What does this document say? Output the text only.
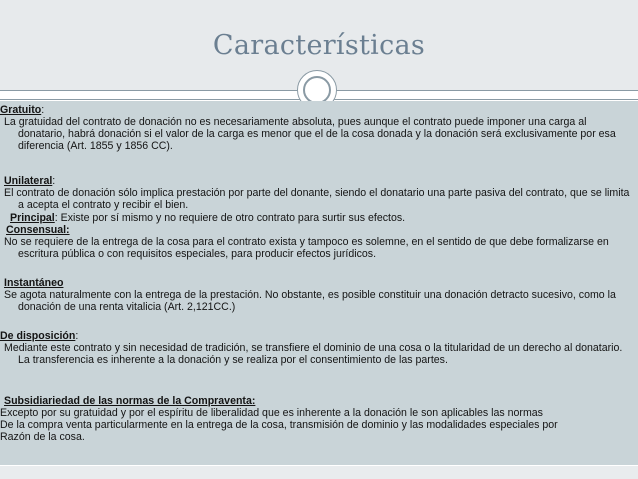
Características
Gratuito:
La gratuidad del contrato de donación no es necesariamente absoluta, pues aunque el contrato puede imponer una carga al donatario, habrá donación si el valor de la carga es menor que el de la cosa donada y la donación será exclusivamente por esa diferencia (Art. 1855 y 1856 CC).
Unilateral:
El contrato de donación sólo implica prestación por parte del donante, siendo el donatario una parte pasiva del contrato, que se limita a acepta el contrato y recibir el bien.
Principal: Existe por sí mismo y no requiere de otro contrato para surtir sus efectos.
Consensual:
No se requiere de la entrega de la cosa para el contrato exista y tampoco es solemne, en el sentido de que debe formalizarse en escritura pública o con requisitos especiales, para producir efectos jurídicos.
Instantáneo
Se agota naturalmente con la entrega de la prestación. No obstante, es posible constituir una donación detracto sucesivo, como la donación de una renta vitalicia (Art. 2,121CC.)
De disposición:
Mediante este contrato y sin necesidad de tradición, se transfiere el dominio de una cosa o la titularidad de un derecho al donatario. La transferencia es inherente a la donación y se realiza por el consentimiento de las partes.
Subsidiariedad de las normas de la Compraventa:
Excepto por su gratuidad y por el espíritu de liberalidad que es inherente a la donación le son aplicables las normas
De la compra venta particularmente en la entrega de la cosa, transmisión de dominio y las modalidades especiales por
Razón de la cosa.
